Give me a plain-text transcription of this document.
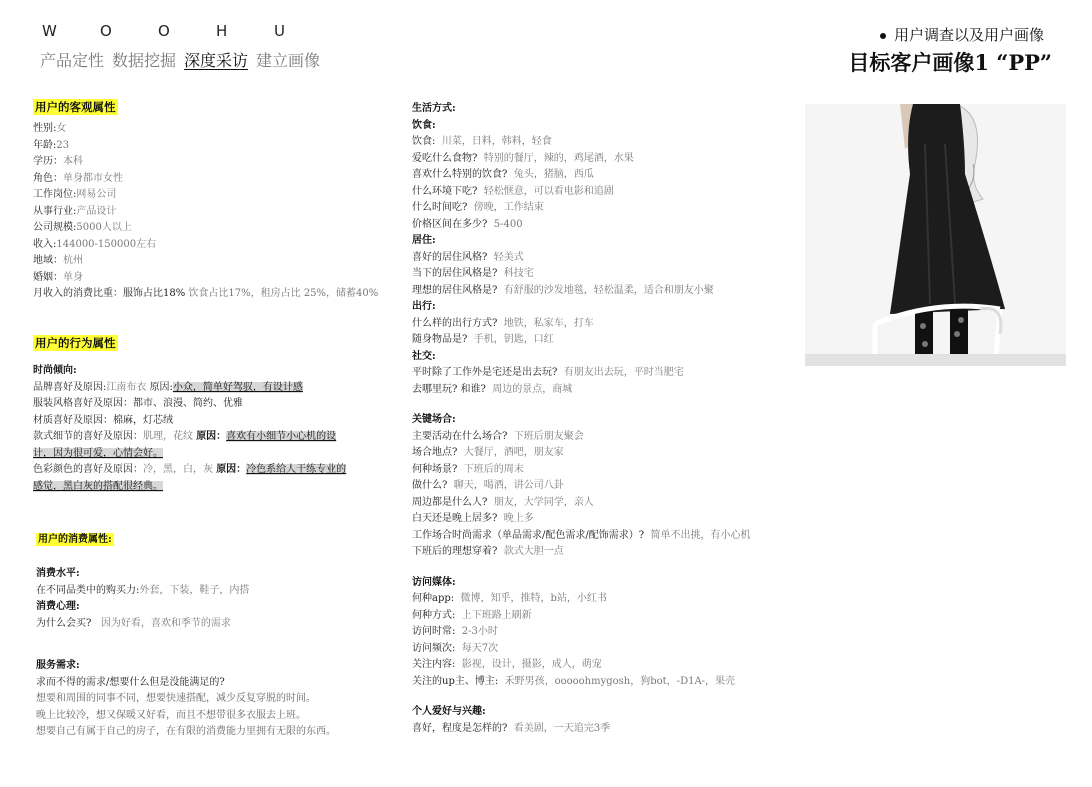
W	O	O	H	U
产品定性 数据挖掘 深度采访 建立画像
用户调查以及用户画像
目标客户画像1 “PP”
用户的客观属性
性别:女
年龄:23
学历：本科
角色：单身都市女性
工作岗位:网易公司
从事行业:产品设计
公司规模:5000人以上
收入:144000-150000左右
地域：杭州
婚姻：单身
月收入的消费比重：服饰占比18% 饮食占比17%，租房占比 25%，储蓄40%
用户的行为属性
时尚倾向:
品牌喜好及原因:江南布衣 原因:小众，简单好驾驭，有设计感
服装风格喜好及原因：都市、浪漫、简约、优雅
材质喜好及原因：棉麻，灯芯绒
款式细节的喜好及原因：肌理，花纹 原因：喜欢有小细节小心机的设
计，因为很可爱，心情会好。
色彩颜色的喜好及原因：冷，黑，白，灰 原因：冷色系给人干练专业的
感觉，黑白灰的搭配很经典。
用户的消费属性:
消费水平:
在不同品类中的购买力:外套，下装，鞋子，内搭
消费心理:
为什么会买? 因为好看，喜欢和季节的需求
服务需求:
求而不得的需求/想要什么但是没能满足的?
想要和周围的同事不同，想要快速搭配，减少反复穿脱的时间。
晚上比较冷，想又保暖又好看，而且不想带很多衣服去上班。
想要自己有属于自己的房子，在有限的消费能力里拥有无限的东西。
生活方式:
饮食:
饮食: 川菜，日料，韩料，轻食
爱吃什么食物? 特别的餐厅，辣的，鸡尾酒，水果
喜欢什么特别的饮食? 兔头，猪脑，西瓜
什么环境下吃? 轻松惬意，可以看电影和追剧
什么时间吃? 傍晚，工作结束
价格区间在多少? 5-400
居住:
喜好的居住风格? 轻美式
当下的居住风格是? 科技宅
理想的居住风格是? 有舒服的沙发地毯，轻松温柔，适合和朋友小聚
出行:
什么样的出行方式? 地铁，私家车，打车
随身物品是? 手机，钥匙，口红
社交:
平时除了工作外是宅还是出去玩? 有朋友出去玩，平时当肥宅
去哪里玩? 和谁? 周边的景点，商城
关键场合:
主要活动在什么场合? 下班后朋友聚会
场合地点? 大餐厅，酒吧，朋友家
何种场景? 下班后的周末
做什么? 聊天，喝酒，讲公司八卦
周边都是什么人? 朋友，大学同学，亲人
白天还是晚上居多? 晚上多
工作场合时尚需求（单品需求/配色需求/配饰需求）? 简单不出挑，有小心机
下班后的理想穿着? 款式大胆一点
访问媒体:
何种app: 微博，知乎，推特，b站，小红书
何种方式: 上下班路上刷新
访问时常: 2-3小时
访问频次: 每天7次
关注内容: 影视，设计，摄影，成人，萌宠
关注的up主、博主: 禾野男孩，ooooohmygosh，狗bot，-D1A-，果壳
个人爱好与兴趣:
喜好，程度是怎样的? 看美剧，一天追完3季
